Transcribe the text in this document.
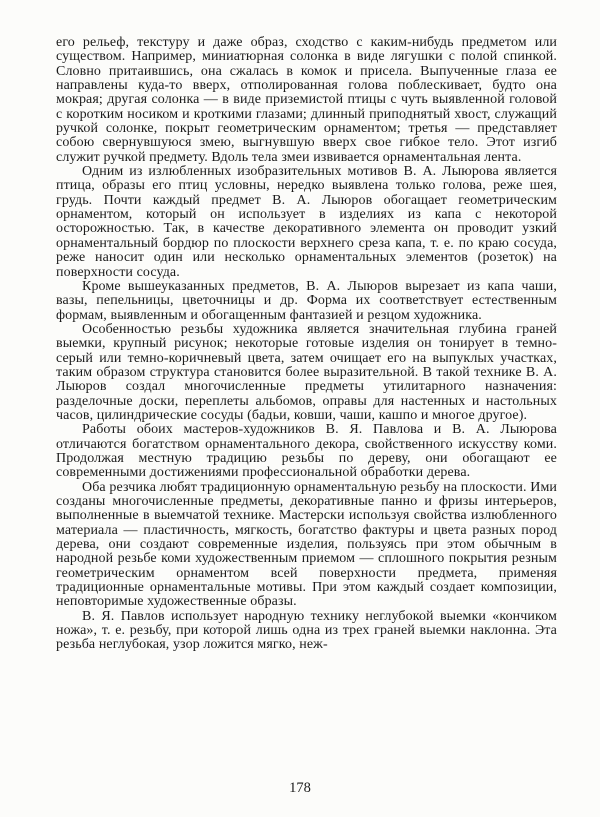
его рельеф, текстуру и даже образ, сходство с каким-нибудь предметом или существом. Например, миниатюрная солонка в виде лягушки с полой спинкой. Словно притаившись, она сжалась в комок и присела. Выпученные глаза ее направлены куда-то вверх, отполированная голова поблескивает, будто она мокрая; другая солонка — в виде приземистой птицы с чуть выявленной головой с коротким носиком и кроткими глазами; длинный приподнятый хвост, служащий ручкой солонке, покрыт геометрическим орнаментом; третья — представляет собою свернувшуюся змею, выгнувшую вверх свое гибкое тело. Этот изгиб служит ручкой предмету. Вдоль тела змеи извивается орнаментальная лента.

Одним из излюбленных изобразительных мотивов В. А. Лыюрова является птица, образы его птиц условны, нередко выявлена только голова, реже шея, грудь. Почти каждый предмет В. А. Лыюров обогащает геометрическим орнаментом, который он использует в изделиях из капа с некоторой осторожностью. Так, в качестве декоративного элемента он проводит узкий орнаментальный бордюр по плоскости верхнего среза капа, т. е. по краю сосуда, реже наносит один или несколько орнаментальных элементов (розеток) на поверхности сосуда.

Кроме вышеуказанных предметов, В. А. Лыюров вырезает из капа чаши, вазы, пепельницы, цветочницы и др. Форма их соответствует естественным формам, выявленным и обогащенным фантазией и резцом художника.

Особенностью резьбы художника является значительная глубина граней выемки, крупный рисунок; некоторые готовые изделия он тонирует в темно-серый или темно-коричневый цвета, затем очищает его на выпуклых участках, таким образом структура становится более выразительной. В такой технике В. А. Лыюров создал многочисленные предметы утилитарного назначения: разделочные доски, переплеты альбомов, оправы для настенных и настольных часов, цилиндрические сосуды (бадьи, ковши, чаши, кашпо и многое другое).

Работы обоих мастеров-художников В. Я. Павлова и В. А. Лыюрова отличаются богатством орнаментального декора, свойственного искусству коми. Продолжая местную традицию резьбы по дереву, они обогащают ее современными достижениями профессиональной обработки дерева.

Оба резчика любят традиционную орнаментальную резьбу на плоскости. Ими созданы многочисленные предметы, декоративные панно и фризы интерьеров, выполненные в выемчатой технике. Мастерски используя свойства излюбленного материала — пластичность, мягкость, богатство фактуры и цвета разных пород дерева, они создают современные изделия, пользуясь при этом обычным в народной резьбе коми художественным приемом — сплошного покрытия резным геометрическим орнаментом всей поверхности предмета, применяя традиционные орнаментальные мотивы. При этом каждый создает композиции, неповторимые художественные образы.

В. Я. Павлов использует народную технику неглубокой выемки «кончиком ножа», т. е. резьбу, при которой лишь одна из трех граней выемки наклонна. Эта резьба неглубокая, узор ложится мягко, неж-

178
